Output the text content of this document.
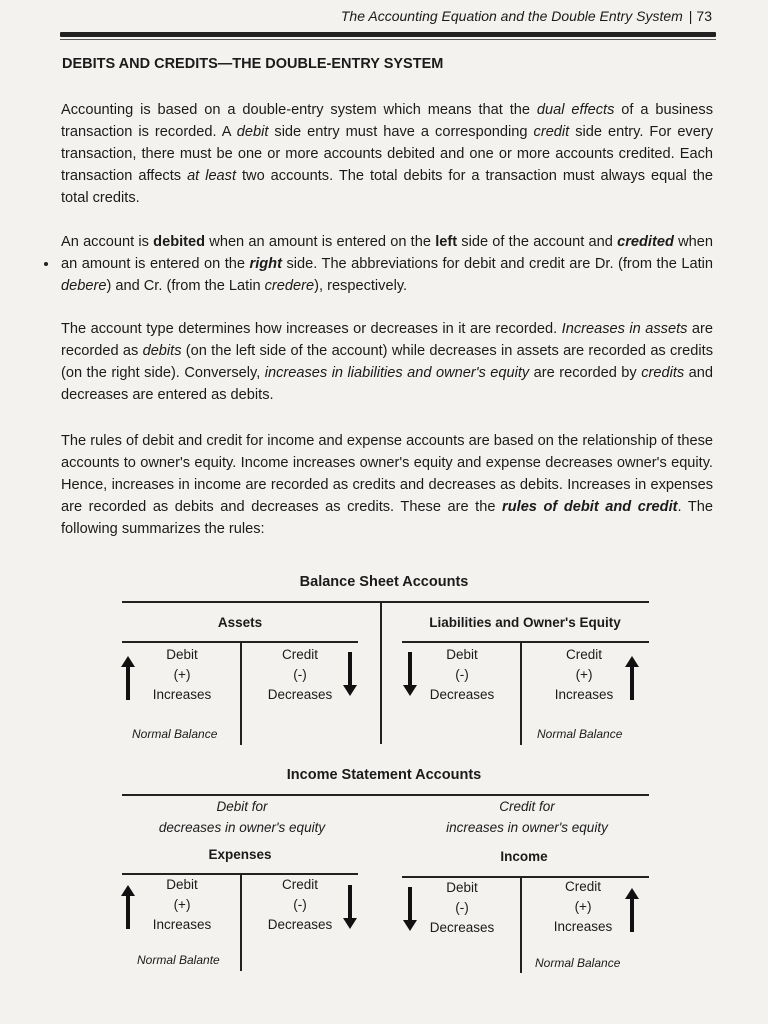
The Accounting Equation and the Double Entry System | 73
DEBITS AND CREDITS—THE DOUBLE-ENTRY SYSTEM
Accounting is based on a double-entry system which means that the dual effects of a business transaction is recorded. A debit side entry must have a corresponding credit side entry. For every transaction, there must be one or more accounts debited and one or more accounts credited. Each transaction affects at least two accounts. The total debits for a transaction must always equal the total credits.
An account is debited when an amount is entered on the left side of the account and credited when an amount is entered on the right side. The abbreviations for debit and credit are Dr. (from the Latin debere) and Cr. (from the Latin credere), respectively.
The account type determines how increases or decreases in it are recorded. Increases in assets are recorded as debits (on the left side of the account) while decreases in assets are recorded as credits (on the right side). Conversely, increases in liabilities and owner's equity are recorded by credits and decreases are entered as debits.
The rules of debit and credit for income and expense accounts are based on the relationship of these accounts to owner's equity. Income increases owner's equity and expense decreases owner's equity. Hence, increases in income are recorded as credits and decreases as debits. Increases in expenses are recorded as debits and decreases as credits. These are the rules of debit and credit. The following summarizes the rules:
Balance Sheet Accounts
Assets
Debit
(+)
Increases
Credit
(-)
Decreases
Normal Balance
Liabilities and Owner's Equity
Debit
(-)
Decreases
Credit
(+)
Increases
Normal Balance
Income Statement Accounts
Debit for
decreases in owner's equity
Credit for
increases in owner's equity
Expenses
Debit
(+)
Increases
Credit
(-)
Decreases
Normal Balante
Income
Debit
(-)
Decreases
Credit
(+)
Increases
Normal Balance
